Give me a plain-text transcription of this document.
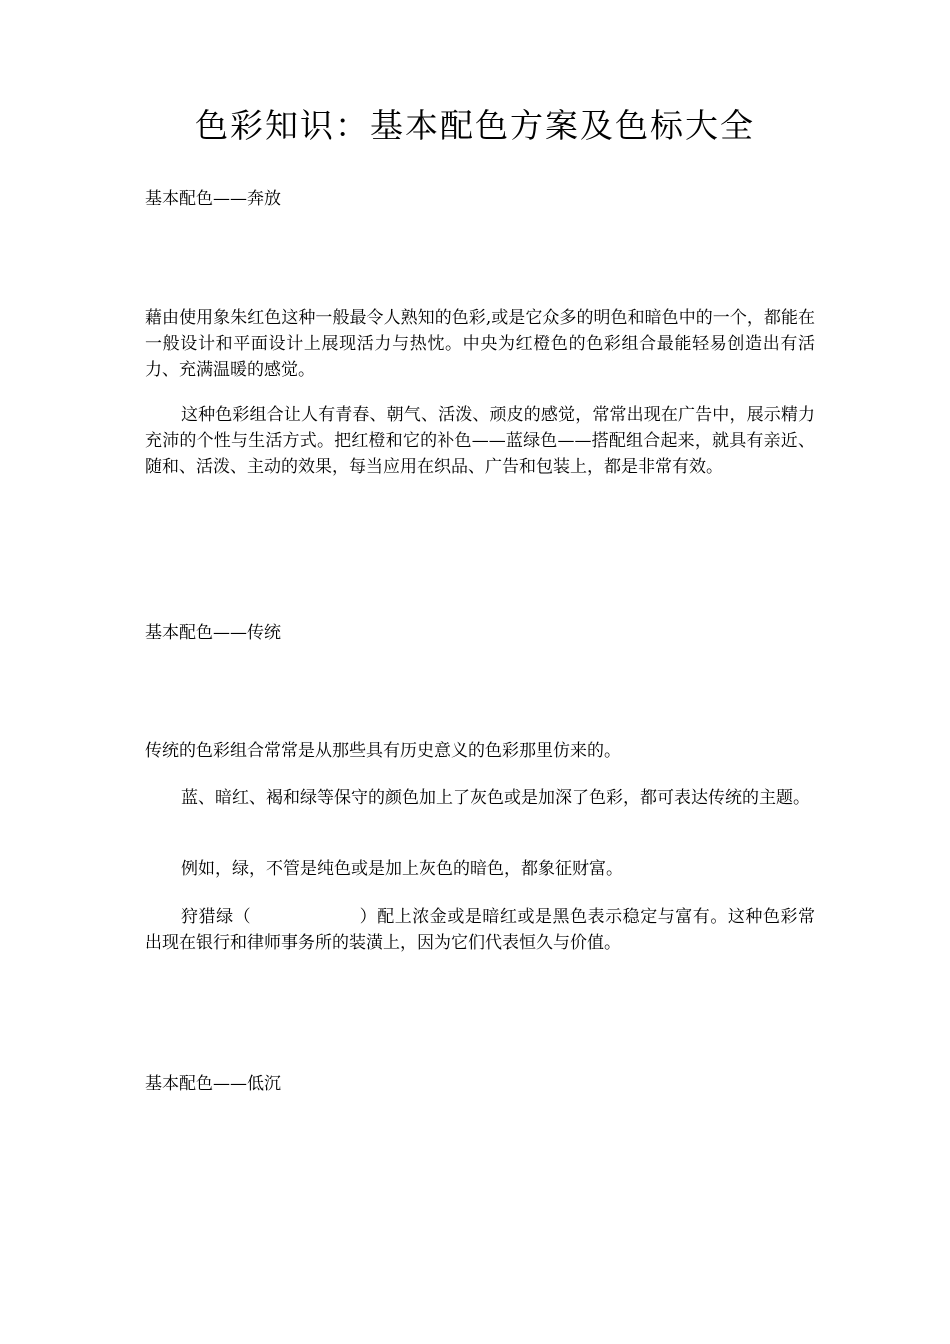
色彩知识：基本配色方案及色标大全
基本配色——奔放

藉由使用象朱红色这种一般最令人熟知的色彩,或是它众多的明色和暗色中的一个，都能在一般设计和平面设计上展现活力与热忱。中央为红橙色的色彩组合最能轻易创造出有活力、充满温暖的感觉。

这种色彩组合让人有青春、朝气、活泼、顽皮的感觉，常常出现在广告中，展示精力充沛的个性与生活方式。把红橙和它的补色——蓝绿色——搭配组合起来，就具有亲近、随和、活泼、主动的效果，每当应用在织品、广告和包装上，都是非常有效。

基本配色——传统

传统的色彩组合常常是从那些具有历史意义的色彩那里仿来的。

蓝、暗红、褐和绿等保守的颜色加上了灰色或是加深了色彩，都可表达传统的主题。

例如，绿，不管是纯色或是加上灰色的暗色，都象征财富。

狩猎绿（	）配上浓金或是暗红或是黑色表示稳定与富有。这种色彩常出现在银行和律师事务所的装潢上，因为它们代表恒久与价值。

基本配色——低沉
